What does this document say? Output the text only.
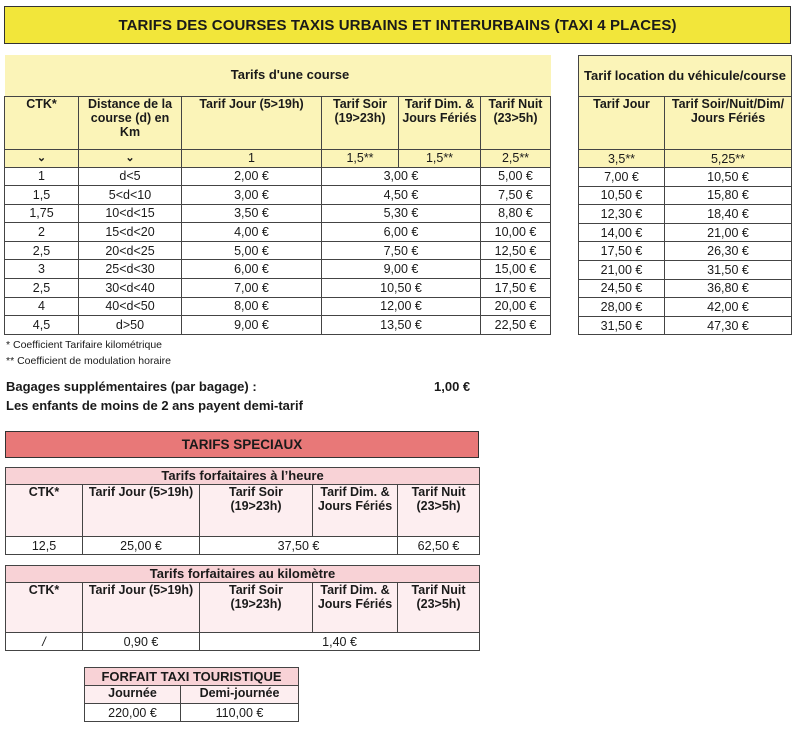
TARIFS DES COURSES TAXIS URBAINS ET INTERURBAINS (TAXI 4 PLACES)
		Tarifs d'une course			
CTK*	Distance de la course (d) en Km	Tarif Jour (5>19h)	Tarif Soir (19>23h)	Tarif Dim. & Jours Fériés	Tarif Nuit (23>5h)
⌄	⌄	1	1,5**	1,5**	2,5**
1	d<5	2,00 €	3,00 €		5,00 €
1,5	5<d<10	3,00 €	4,50 €		7,50 €
1,75	10<d<15	3,50 €	5,30 €		8,80 €
2	15<d<20	4,00 €	6,00 €		10,00 €
2,5	20<d<25	5,00 €	7,50 €		12,50 €
3	25<d<30	6,00 €	9,00 €		15,00 €
2,5	30<d<40	7,00 €	10,50 €		17,50 €
4	40<d<50	8,00 €	12,00 €		20,00 €
4,5	d>50	9,00 €	13,50 €		22,50 €
Tarif location du véhicule/course	
Tarif Jour	Tarif Soir/Nuit/Dim/ Jours Fériés
3,5**	5,25**
7,00 €	10,50 €
10,50 €	15,80 €
12,30 €	18,40 €
14,00 €	21,00 €
17,50 €	26,30 €
21,00 €	31,50 €
24,50 €	36,80 €
28,00 €	42,00 €
31,50 €	47,30 €
* Coefficient Tarifaire kilométrique
** Coefficient de modulation horaire
Bagages supplémentaires (par bagage) :	1,00 €
Les enfants de moins de 2 ans payent demi-tarif
TARIFS SPECIAUX
Tarifs forfaitaires à l’heure				
CTK*	Tarif Jour (5>19h)	Tarif Soir (19>23h)	Tarif Dim. & Jours Fériés	Tarif Nuit (23>5h)
12,5	25,00 €	37,50 €		62,50 €
Tarifs forfaitaires au kilomètre				
CTK*	Tarif Jour (5>19h)	Tarif Soir (19>23h)	Tarif Dim. & Jours Fériés	Tarif Nuit (23>5h)
/	0,90 €	1,40 €		
FORFAIT TAXI TOURISTIQUE	
Journée	Demi-journée
220,00 €	110,00 €
